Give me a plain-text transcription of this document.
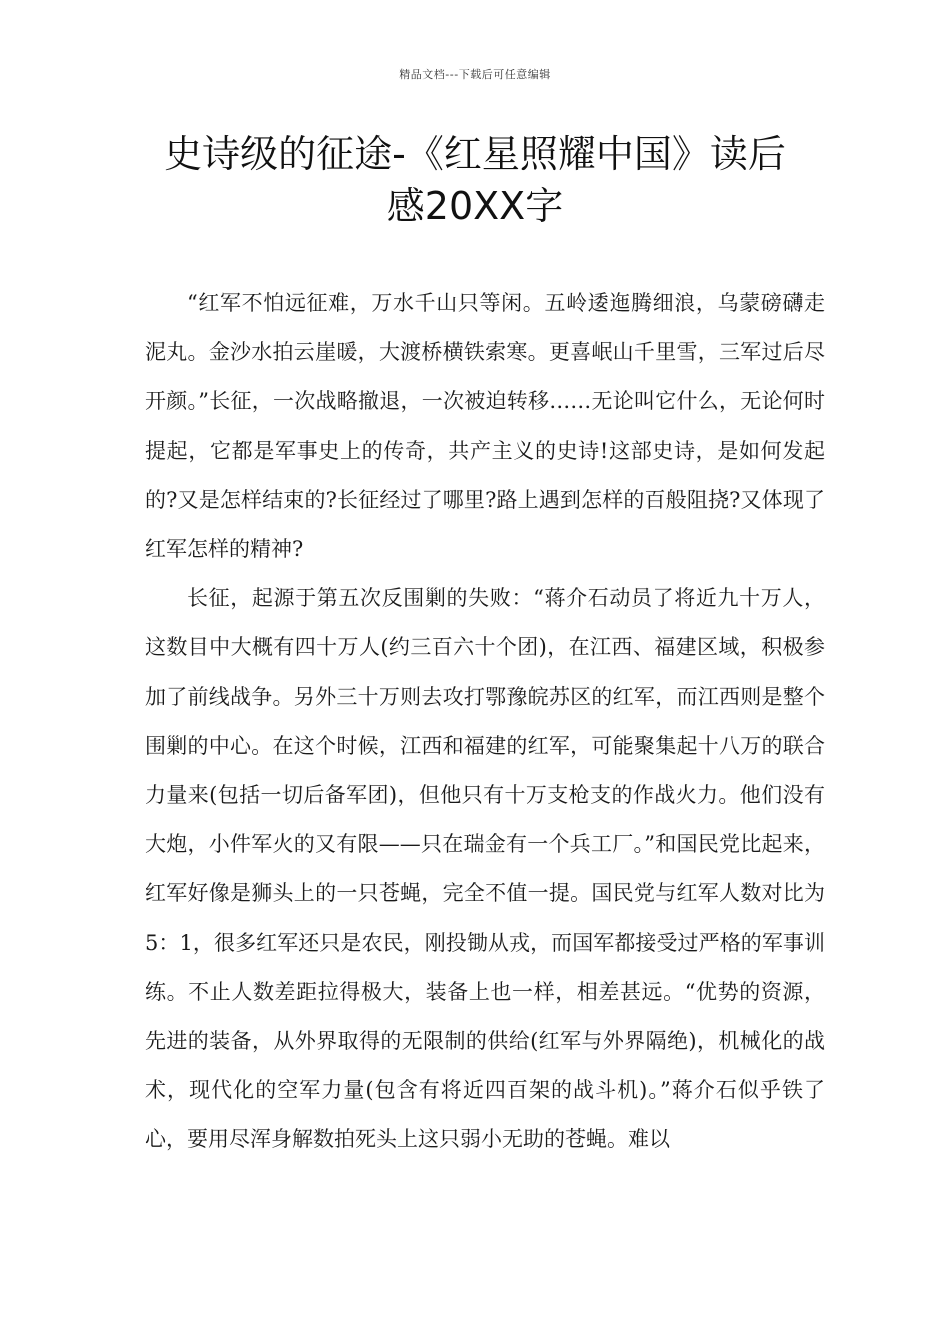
精品文档---下载后可任意编辑
史诗级的征途-《红星照耀中国》读后
感20XX字

“红军不怕远征难，万水千山只等闲。五岭逶迤腾细浪，乌蒙磅礴走泥丸。金沙水拍云崖暖，大渡桥横铁索寒。更喜岷山千里雪，三军过后尽开颜。”长征，一次战略撤退，一次被迫转移……无论叫它什么，无论何时提起，它都是军事史上的传奇，共产主义的史诗!这部史诗，是如何发起的?又是怎样结束的?长征经过了哪里?路上遇到怎样的百般阻挠?又体现了红军怎样的精神?

长征，起源于第五次反围剿的失败：“蒋介石动员了将近九十万人，这数目中大概有四十万人(约三百六十个团)，在江西、福建区域，积极参加了前线战争。另外三十万则去攻打鄂豫皖苏区的红军，而江西则是整个围剿的中心。在这个时候，江西和福建的红军，可能聚集起十八万的联合力量来(包括一切后备军团)，但他只有十万支枪支的作战火力。他们没有大炮，小件军火的又有限——只在瑞金有一个兵工厂。”和国民党比起来，红军好像是狮头上的一只苍蝇，完全不值一提。国民党与红军人数对比为5：1，很多红军还只是农民，刚投锄从戎，而国军都接受过严格的军事训练。不止人数差距拉得极大，装备上也一样，相差甚远。“优势的资源，先进的装备，从外界取得的无限制的供给(红军与外界隔绝)，机械化的战术，现代化的空军力量(包含有将近四百架的战斗机)。”蒋介石似乎铁了心，要用尽浑身解数拍死头上这只弱小无助的苍蝇。难以
